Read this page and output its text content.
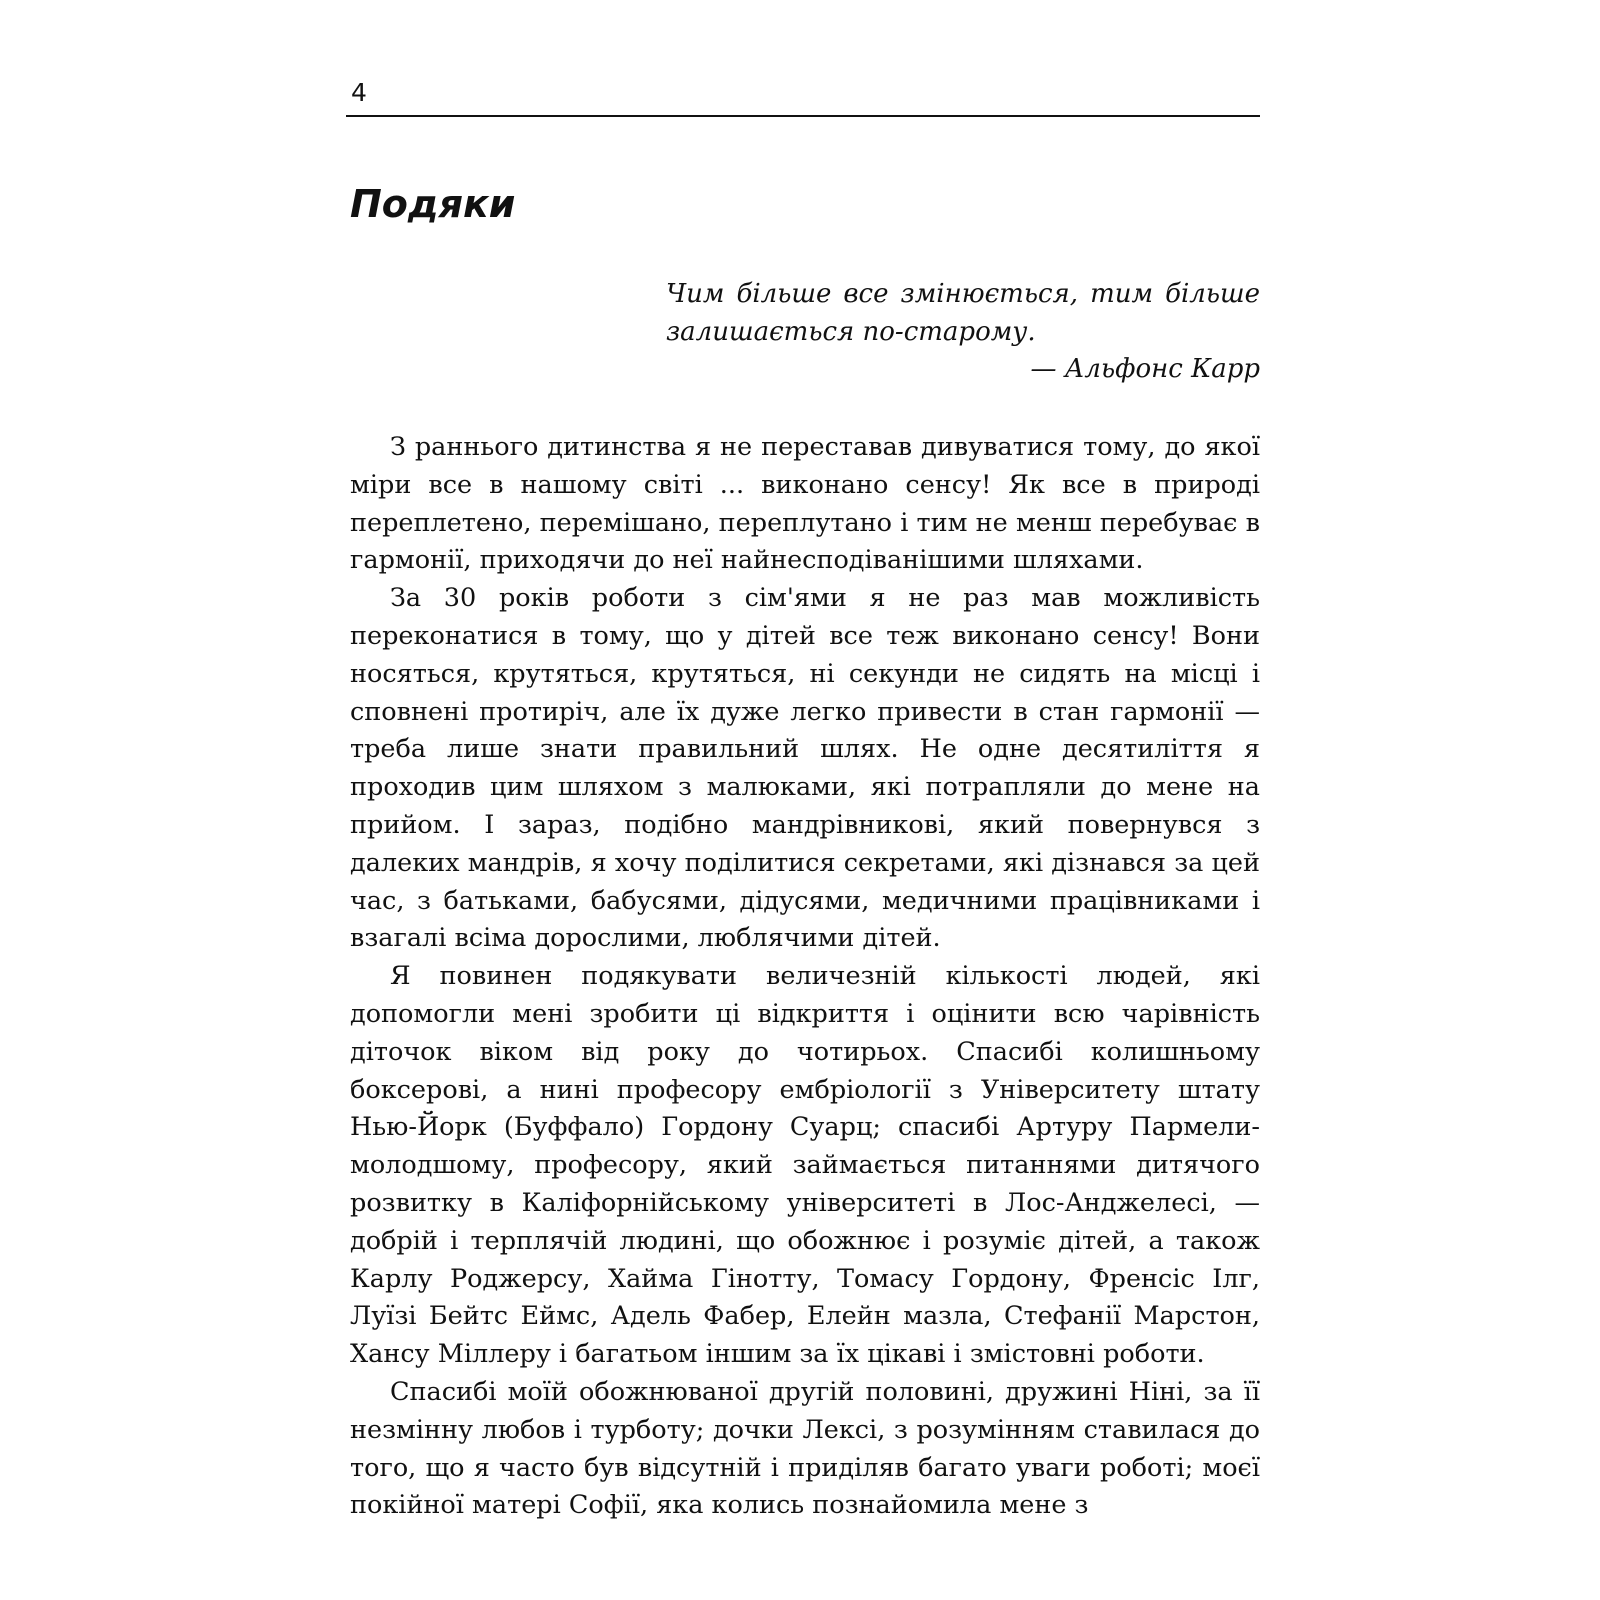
4
Подяки

Чим більше все змінюється, тим більше залишається по-старому.

— Альфонс Карр

З раннього дитинства я не переставав дивуватися тому, до якої міри все в нашому світі ... виконано сенсу! Як все в природі переплетено, перемішано, переплутано і тим не менш перебуває в гармонії, приходячи до неї найнесподіванішими шляхами.

За 30 років роботи з сім'ями я не раз мав можливість переконатися в тому, що у дітей все теж виконано сенсу! Вони носяться, крутяться, крутяться, ні секунди не сидять на місці і сповнені протиріч, але їх дуже легко привести в стан гармонії — треба лише знати правильний шлях. Не одне десятиліття я проходив цим шляхом з малюками, які потрапляли до мене на прийом. І зараз, подібно мандрівникові, який повернувся з далеких мандрів, я хочу поділитися секретами, які дізнався за цей час, з батьками, бабусями, дідусями, медичними працівниками і взагалі всіма дорослими, люблячими дітей.

Я повинен подякувати величезній кількості людей, які допомогли мені зробити ці відкриття і оцінити всю чарівність діточок віком від року до чотирьох. Спасибі колишньому боксерові, а нині професору ембріології з Університету штату Нью-Йорк (Буффало) Гордону Суарц; спасибі Артуру Пармели-молодшому, професору, який займається питаннями дитячого розвитку в Каліфорнійському університеті в Лос-Анджелесі, — добрій і терплячій людині, що обожнює і розуміє дітей, а також Карлу Роджерсу, Хайма Гінотту, Томасу Гордону, Френсіс Ілг, Луїзі Бейтс Еймс, Адель Фабер, Елейн мазла, Стефанії Марстон, Хансу Міллеру і багатьом іншим за їх цікаві і змістовні роботи.

Спасибі моїй обожнюваної другій половині, дружині Ніні, за її незмінну любов і турботу; дочки Лексі, з розумінням ставилася до того, що я часто був відсутній і приділяв багато уваги роботі; моєї покійної матері Софії, яка колись познайомила мене з
